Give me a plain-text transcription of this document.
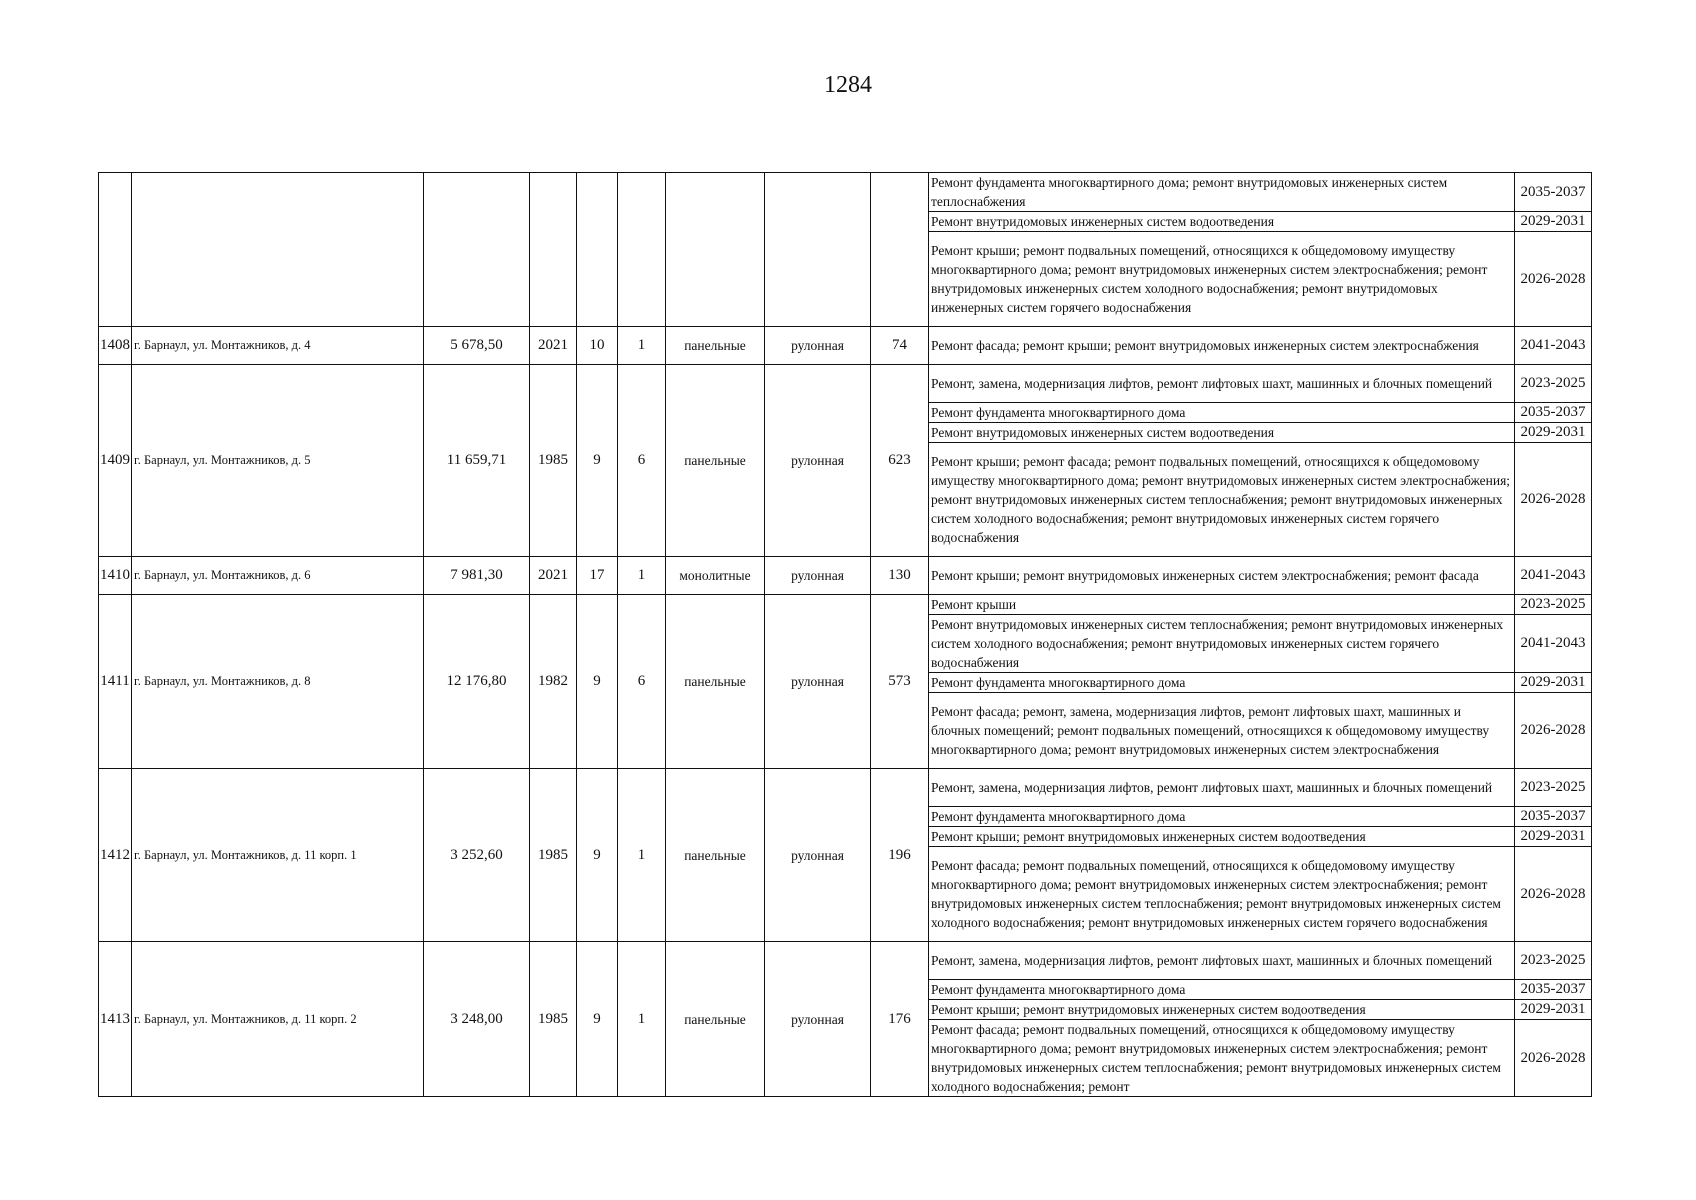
1284
									Ремонт фундамента многоквартирного дома; ремонт внутридомовых инженерных систем теплоснабжения	2035-2037
									Ремонт внутридомовых инженерных систем водоотведения	2029-2031
									Ремонт крыши; ремонт подвальных помещений, относящихся к общедомовому имуществу многоквартирного дома; ремонт внутридомовых инженерных систем электроснабжения; ремонт внутридомовых инженерных систем холодного водоснабжения; ремонт внутридомовых инженерных систем горячего водоснабжения	2026-2028
1408	г. Барнаул, ул. Монтажников, д. 4	5 678,50	2021	10	1	панельные	рулонная	74	Ремонт фасада; ремонт крыши; ремонт внутридомовых инженерных систем электроснабжения	2041-2043
1409	г. Барнаул, ул. Монтажников, д. 5	11 659,71	1985	9	6	панельные	рулонная	623	Ремонт, замена, модернизация лифтов, ремонт лифтовых шахт, машинных и блочных помещений	2023-2025
									Ремонт фундамента многоквартирного дома	2035-2037
									Ремонт внутридомовых инженерных систем водоотведения	2029-2031
									Ремонт крыши; ремонт фасада; ремонт подвальных помещений, относящихся к общедомовому имуществу многоквартирного дома; ремонт внутридомовых инженерных систем электроснабжения; ремонт внутридомовых инженерных систем теплоснабжения; ремонт внутридомовых инженерных систем холодного водоснабжения; ремонт внутридомовых инженерных систем горячего водоснабжения	2026-2028
1410	г. Барнаул, ул. Монтажников, д. 6	7 981,30	2021	17	1	монолитные	рулонная	130	Ремонт крыши; ремонт внутридомовых инженерных систем электроснабжения; ремонт фасада	2041-2043
1411	г. Барнаул, ул. Монтажников, д. 8	12 176,80	1982	9	6	панельные	рулонная	573	Ремонт крыши	2023-2025
									Ремонт внутридомовых инженерных систем теплоснабжения; ремонт внутридомовых инженерных систем холодного водоснабжения; ремонт внутридомовых инженерных систем горячего водоснабжения	2041-2043
									Ремонт фундамента многоквартирного дома	2029-2031
									Ремонт фасада; ремонт, замена, модернизация лифтов, ремонт лифтовых шахт, машинных и блочных помещений; ремонт подвальных помещений, относящихся к общедомовому имуществу многоквартирного дома; ремонт внутридомовых инженерных систем электроснабжения	2026-2028
1412	г. Барнаул, ул. Монтажников, д. 11 корп. 1	3 252,60	1985	9	1	панельные	рулонная	196	Ремонт, замена, модернизация лифтов, ремонт лифтовых шахт, машинных и блочных помещений	2023-2025
									Ремонт фундамента многоквартирного дома	2035-2037
									Ремонт крыши; ремонт внутридомовых инженерных систем водоотведения	2029-2031
									Ремонт фасада; ремонт подвальных помещений, относящихся к общедомовому имуществу многоквартирного дома; ремонт внутридомовых инженерных систем электроснабжения; ремонт внутридомовых инженерных систем теплоснабжения; ремонт внутридомовых инженерных систем холодного водоснабжения; ремонт внутридомовых инженерных систем горячего водоснабжения	2026-2028
1413	г. Барнаул, ул. Монтажников, д. 11 корп. 2	3 248,00	1985	9	1	панельные	рулонная	176	Ремонт, замена, модернизация лифтов, ремонт лифтовых шахт, машинных и блочных помещений	2023-2025
									Ремонт фундамента многоквартирного дома	2035-2037
									Ремонт крыши; ремонт внутридомовых инженерных систем водоотведения	2029-2031
									Ремонт фасада; ремонт подвальных помещений, относящихся к общедомовому имуществу многоквартирного дома; ремонт внутридомовых инженерных систем электроснабжения; ремонт внутридомовых инженерных систем теплоснабжения; ремонт внутридомовых инженерных систем холодного водоснабжения; ремонт	2026-2028
